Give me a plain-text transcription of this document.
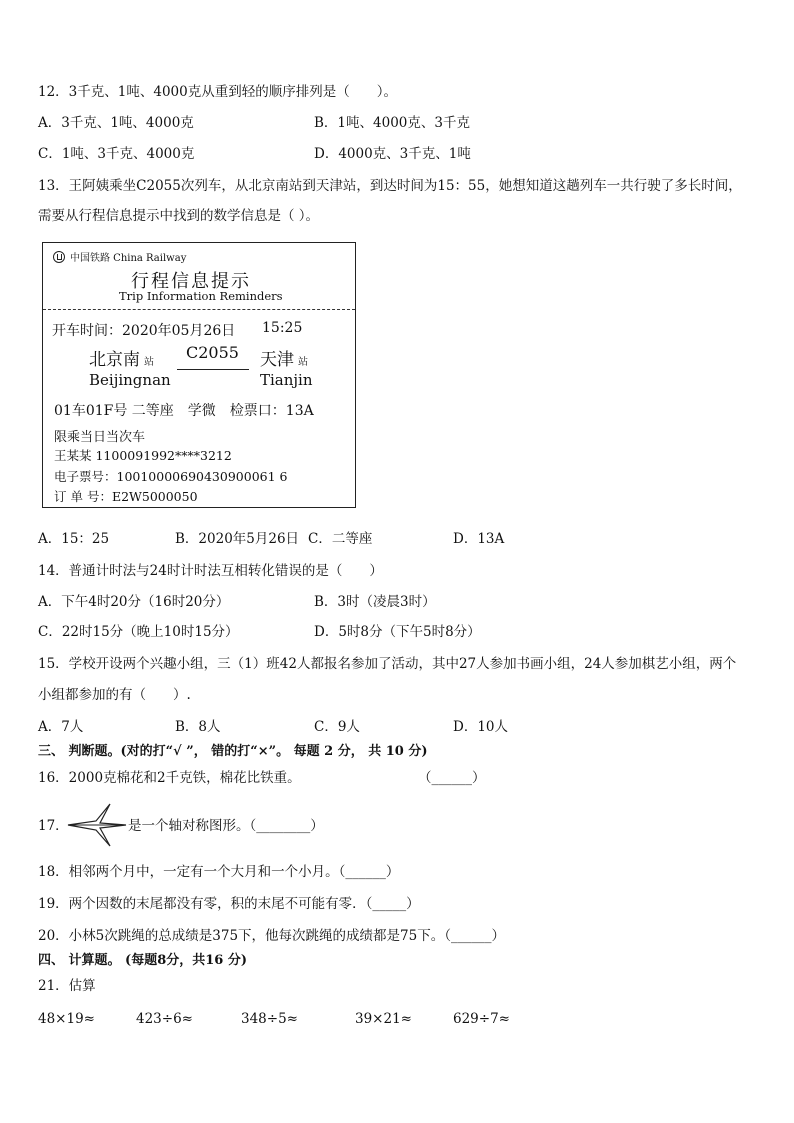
12．3千克、1吨、4000克从重到轻的顺序排列是（　　）。
A．3千克、1吨、4000克	B．1吨、4000克、3千克
C．1吨、3千克、4000克	D．4000克、3千克、1吨
13．王阿姨乘坐C2055次列车，从北京南站到天津站，到达时间为15：55，她想知道这趟列车一共行驶了多长时间，
需要从行程信息提示中找到的数学信息是（ ）。
中国铁路 China Railway
行程信息提示
Trip Information Reminders
开车时间：2020年05月26日 15:25
北京南 站
Beijingnan
C2055 天津 站
Tianjin
01车01F号 二等座　学微　检票口：13A
限乘当日当次车
王某某 1100091992****3212
电子票号：10010000690430900061 6
订 单 号：E2W5000050
A．15：25	B．2020年5月26日 C．二等座	D．13A
14．普通计时法与24时计时法互相转化错误的是（　　）
A．下午4时20分（16时20分）	B．3时（凌晨3时）
C．22时15分（晚上10时15分）	D．5时8分（下午5时8分）
15．学校开设两个兴趣小组，三（1）班42人都报名参加了活动，其中27人参加书画小组，24人参加棋艺小组，两个
小组都参加的有（　　）.
A．7人	B．8人	C．9人	D．10人
三、 判断题。(对的打“√ ”， 错的打“×”。 每题 2 分， 共 10 分)
16．2000克棉花和2千克铁，棉花比铁重。	（______）
17．	是一个轴对称图形。（________）
18．相邻两个月中，一定有一个大月和一个小月。（______）
19．两个因数的末尾都没有零，积的末尾不可能有零．（_____）
20．小林5次跳绳的总成绩是375下，他每次跳绳的成绩都是75下。（______）
四、 计算题。 (每题8分，共16 分)
21．估算
48×19≈	423÷6≈	348÷5≈	39×21≈	629÷7≈
